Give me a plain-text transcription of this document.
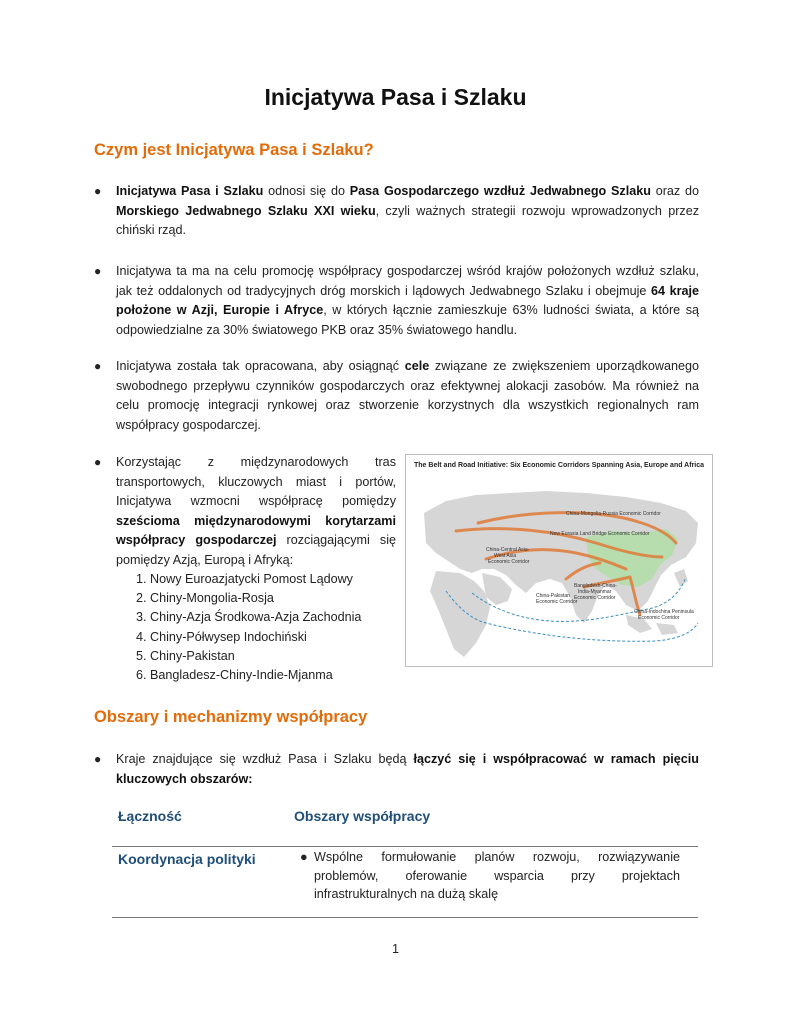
Inicjatywa Pasa i Szlaku
Czym jest Inicjatywa Pasa i Szlaku?
● Inicjatywa Pasa i Szlaku odnosi się do Pasa Gospodarczego wzdłuż Jedwabnego Szlaku oraz do Morskiego Jedwabnego Szlaku XXI wieku, czyli ważnych strategii rozwoju wprowadzonych przez chiński rząd.
● Inicjatywa ta ma na celu promocję współpracy gospodarczej wśród krajów położonych wzdłuż szlaku, jak też oddalonych od tradycyjnych dróg morskich i lądowych Jedwabnego Szlaku i obejmuje 64 kraje położone w Azji, Europie i Afryce, w których łącznie zamieszkuje 63% ludności świata, a które są odpowiedzialne za 30% światowego PKB oraz 35% światowego handlu.
● Inicjatywa została tak opracowana, aby osiągnąć cele związane ze zwiększeniem uporządkowanego swobodnego przepływu czynników gospodarczych oraz efektywnej alokacji zasobów. Ma również na celu promocję integracji rynkowej oraz stworzenie korzystnych dla wszystkich regionalnych ram współpracy gospodarczej.
● Korzystając z międzynarodowych tras transportowych, kluczowych miast i portów, Inicjatywa wzmocni współpracę pomiędzy sześcioma międzynarodowymi korytarzami współpracy gospodarczej rozciągającymi się pomiędzy Azją, Europą i Afryką:
1. Nowy Euroazjatycki Pomost Lądowy
2. Chiny-Mongolia-Rosja
3. Chiny-Azja Środkowa-Azja Zachodnia
4. Chiny-Półwysep Indochiński
5. Chiny-Pakistan
6. Bangladesz-Chiny-Indie-Mjanma
The Belt and Road Initiative: Six Economic Corridors Spanning Asia, Europe and Africa
China-Mongolia-Russia Economic Corridor
New Eurasia Land Bridge Economic Corridor
China-Central Asia-
West Asia
Economic Corridor
China-Pakistan
Economic Corridor
Bangladesh-China-
India-Myanmar
Economic Corridor
China-Indochina Peninsula
Economic Corridor
Obszary i mechanizmy współpracy
● Kraje znajdujące się wzdłuż Pasa i Szlaku będą łączyć się i współpracować w ramach pięciu kluczowych obszarów:
Łączność	Obszary współpracy
Koordynacja polityki	● Wspólne formułowanie planów rozwoju, rozwiązywanie problemów, oferowanie wsparcia przy projektach infrastrukturalnych na dużą skalę
1
